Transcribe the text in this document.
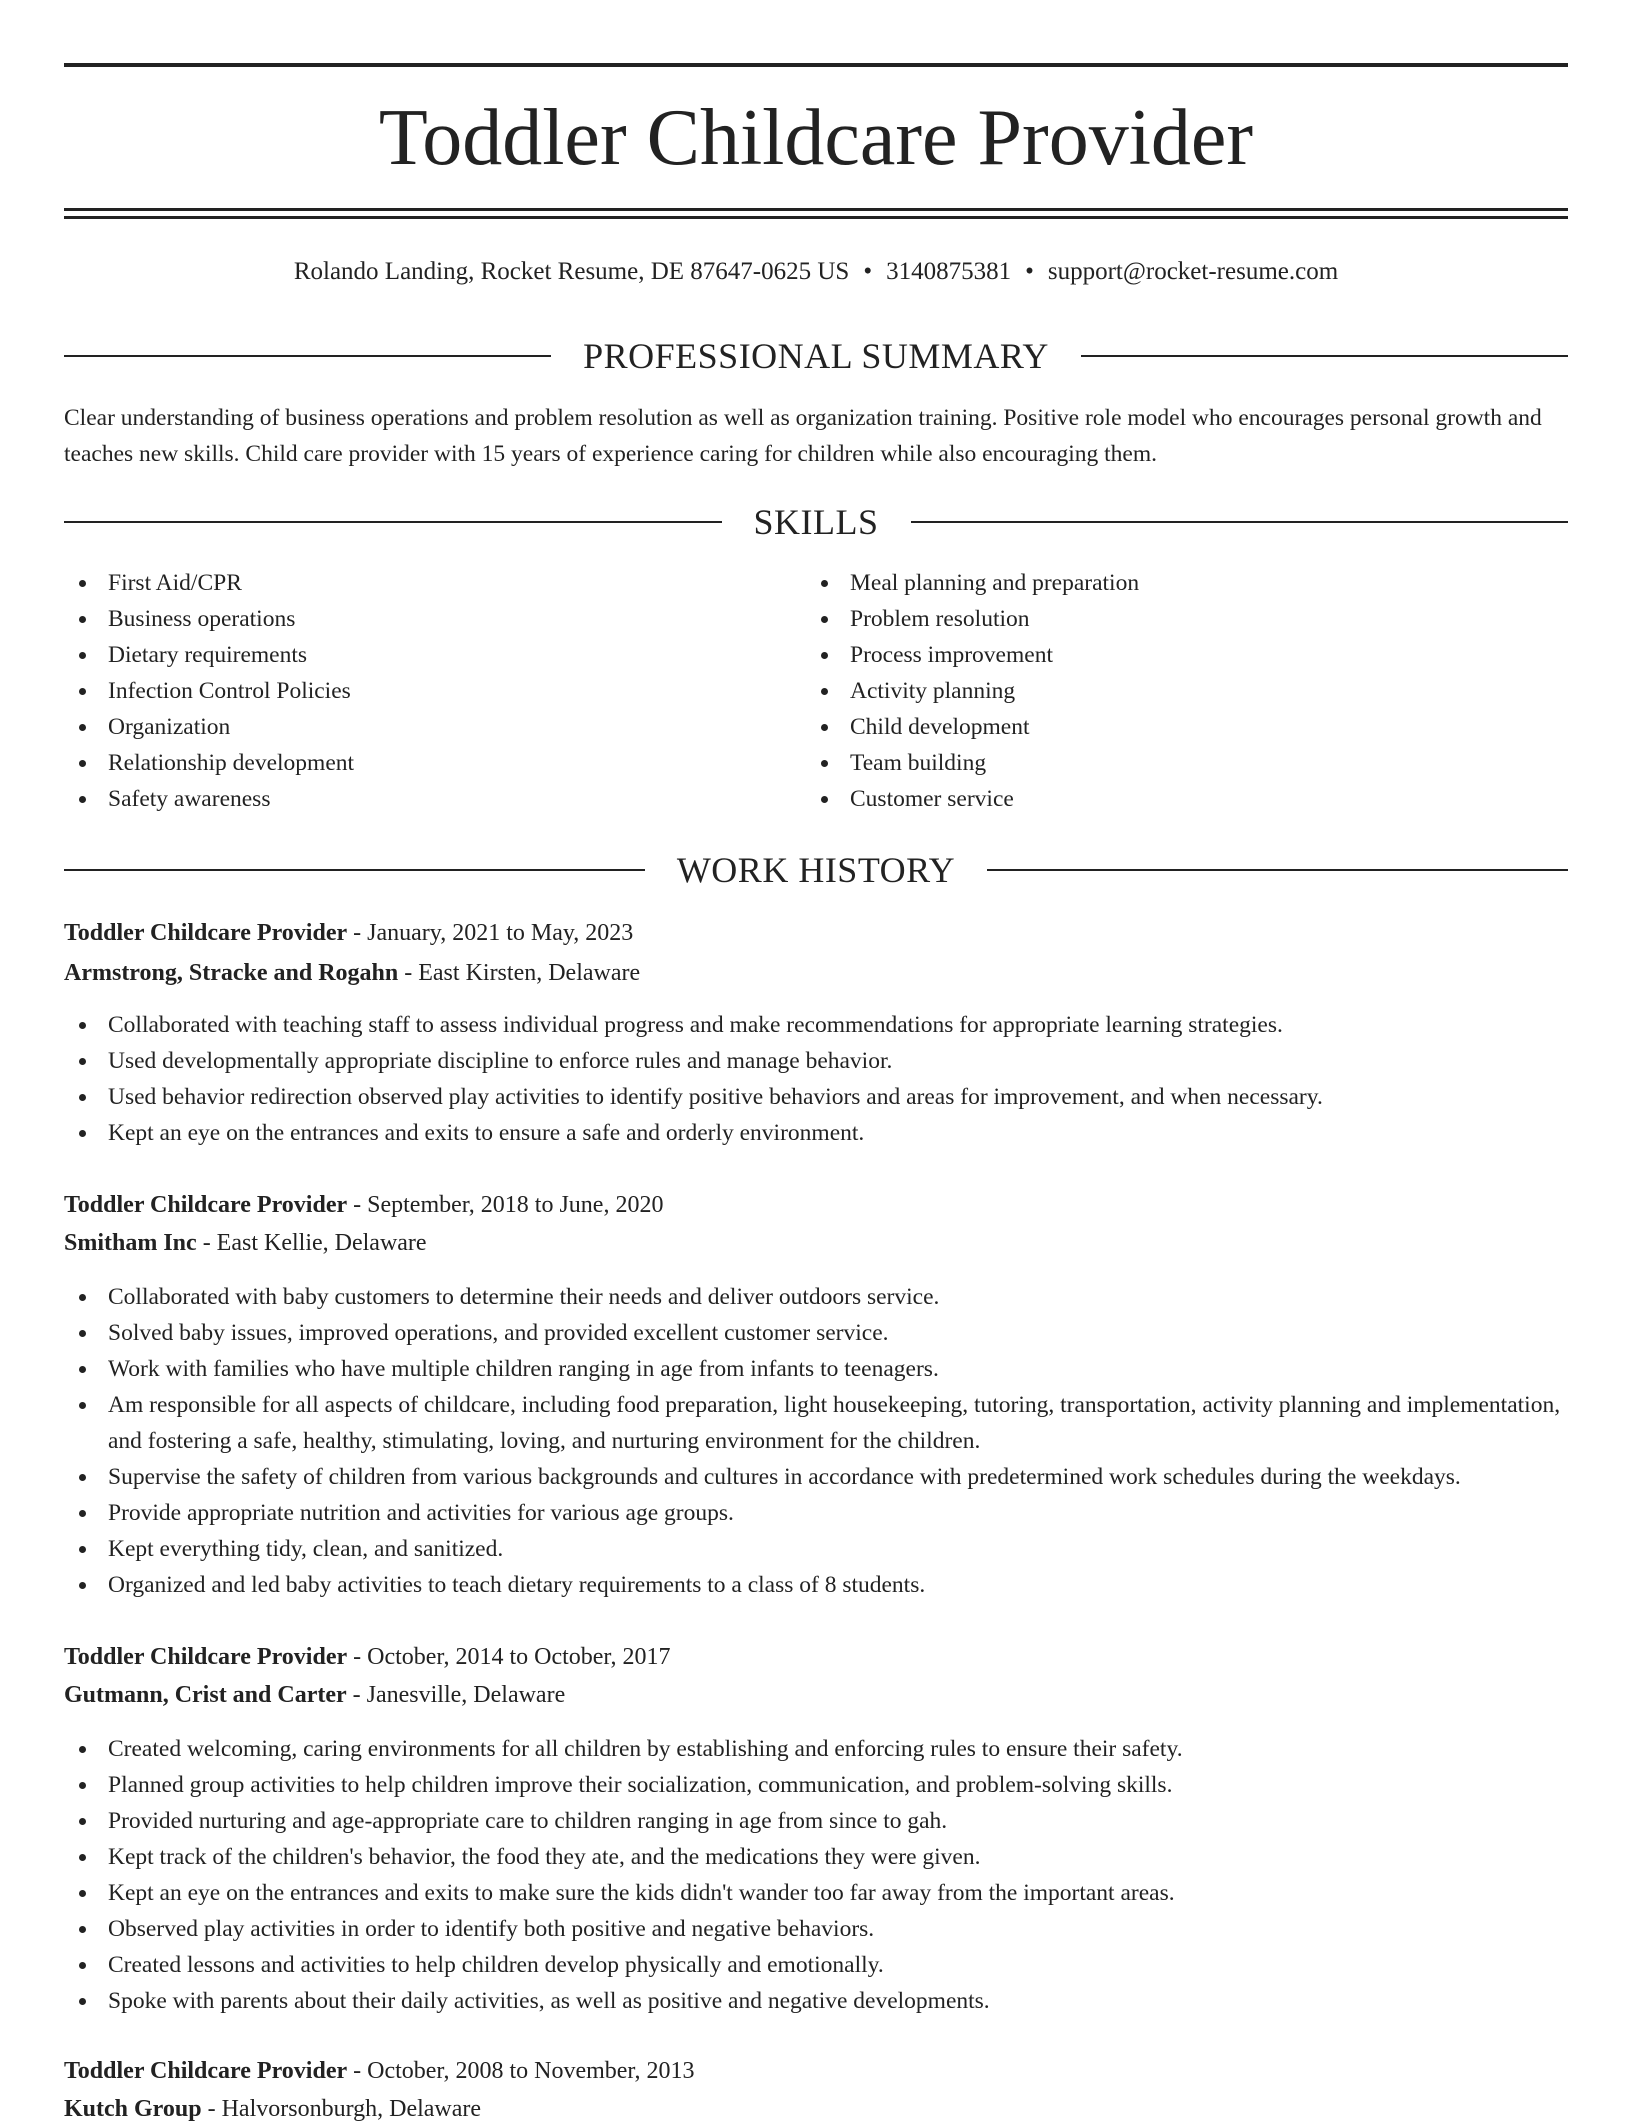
Toddler Childcare Provider
Rolando Landing, Rocket Resume, DE 87647-0625 US • 3140875381 • support@rocket-resume.com
PROFESSIONAL SUMMARY

Clear understanding of business operations and problem resolution as well as organization training. Positive role model who encourages personal growth and teaches new skills. Child care provider with 15 years of experience caring for children while also encouraging them.

SKILLS
First Aid/CPR
Business operations
Dietary requirements
Infection Control Policies
Organization
Relationship development
Safety awareness
Meal planning and preparation
Problem resolution
Process improvement
Activity planning
Child development
Team building
Customer service
WORK HISTORY
Toddler Childcare Provider - January, 2021 to May, 2023
Armstrong, Stracke and Rogahn - East Kirsten, Delaware
Collaborated with teaching staff to assess individual progress and make recommendations for appropriate learning strategies.
Used developmentally appropriate discipline to enforce rules and manage behavior.
Used behavior redirection observed play activities to identify positive behaviors and areas for improvement, and when necessary.
Kept an eye on the entrances and exits to ensure a safe and orderly environment.
Toddler Childcare Provider - September, 2018 to June, 2020
Smitham Inc - East Kellie, Delaware
Collaborated with baby customers to determine their needs and deliver outdoors service.
Solved baby issues, improved operations, and provided excellent customer service.
Work with families who have multiple children ranging in age from infants to teenagers.
Am responsible for all aspects of childcare, including food preparation, light housekeeping, tutoring, transportation, activity planning and implementation, and fostering a safe, healthy, stimulating, loving, and nurturing environment for the children.
Supervise the safety of children from various backgrounds and cultures in accordance with predetermined work schedules during the weekdays.
Provide appropriate nutrition and activities for various age groups.
Kept everything tidy, clean, and sanitized.
Organized and led baby activities to teach dietary requirements to a class of 8 students.
Toddler Childcare Provider - October, 2014 to October, 2017
Gutmann, Crist and Carter - Janesville, Delaware
Created welcoming, caring environments for all children by establishing and enforcing rules to ensure their safety.
Planned group activities to help children improve their socialization, communication, and problem-solving skills.
Provided nurturing and age-appropriate care to children ranging in age from since to gah.
Kept track of the children's behavior, the food they ate, and the medications they were given.
Kept an eye on the entrances and exits to make sure the kids didn't wander too far away from the important areas.
Observed play activities in order to identify both positive and negative behaviors.
Created lessons and activities to help children develop physically and emotionally.
Spoke with parents about their daily activities, as well as positive and negative developments.
Toddler Childcare Provider - October, 2008 to November, 2013
Kutch Group - Halvorsonburgh, Delaware
